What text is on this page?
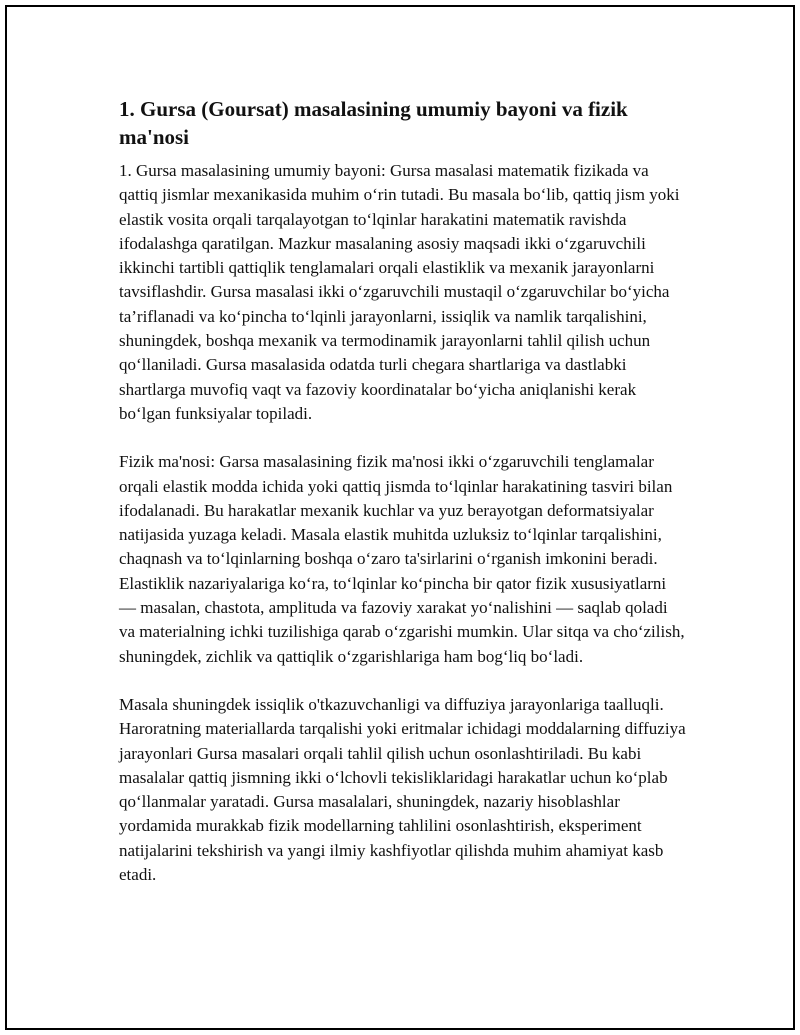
1. Gursa (Goursat) masalasining umumiy bayoni va fizik ma'nosi

1. Gursa masalasining umumiy bayoni: Gursa masalasi matematik fizikada va qattiq jismlar mexanikasida muhim o‘rin tutadi. Bu masala bo‘lib, qattiq jism yoki elastik vosita orqali tarqalayotgan to‘lqinlar harakatini matematik ravishda ifodalashga qaratilgan. Mazkur masalaning asosiy maqsadi ikki o‘zgaruvchili ikkinchi tartibli qattiqlik tenglamalari orqali elastiklik va mexanik jarayonlarni tavsiflashdir. Gursa masalasi ikki o‘zgaruvchili mustaqil o‘zgaruvchilar bo‘yicha ta’riflanadi va ko‘pincha to‘lqinli jarayonlarni, issiqlik va namlik tarqalishini, shuningdek, boshqa mexanik va termodinamik jarayonlarni tahlil qilish uchun qo‘llaniladi. Gursa masalasida odatda turli chegara shartlariga va dastlabki shartlarga muvofiq vaqt va fazoviy koordinatalar bo‘yicha aniqlanishi kerak bo‘lgan funksiyalar topiladi.

Fizik ma'nosi: Garsa masalasining fizik ma'nosi ikki o‘zgaruvchili tenglamalar orqali elastik modda ichida yoki qattiq jismda to‘lqinlar harakatining tasviri bilan ifodalanadi. Bu harakatlar mexanik kuchlar va yuz berayotgan deformatsiyalar natijasida yuzaga keladi. Masala elastik muhitda uzluksiz to‘lqinlar tarqalishini, chaqnash va to‘lqinlarning boshqa o‘zaro ta'sirlarini o‘rganish imkonini beradi. Elastiklik nazariyalariga ko‘ra, to‘lqinlar ko‘pincha bir qator fizik xususiyatlarni — masalan, chastota, amplituda va fazoviy xarakat yo‘nalishini — saqlab qoladi va materialning ichki tuzilishiga qarab o‘zgarishi mumkin. Ular sitqa va cho‘zilish, shuningdek, zichlik va qattiqlik o‘zgarishlariga ham bog‘liq bo‘ladi.

Masala shuningdek issiqlik o'tkazuvchanligi va diffuziya jarayonlariga taalluqli. Haroratning materiallarda tarqalishi yoki eritmalar ichidagi moddalarning diffuziya jarayonlari Gursa masalari orqali tahlil qilish uchun osonlashtiriladi. Bu kabi masalalar qattiq jismning ikki o‘lchovli tekisliklaridagi harakatlar uchun ko‘plab qo‘llanmalar yaratadi. Gursa masalalari, shuningdek, nazariy hisoblashlar yordamida murakkab fizik modellarning tahlilini osonlashtirish, eksperiment natijalarini tekshirish va yangi ilmiy kashfiyotlar qilishda muhim ahamiyat kasb etadi.
